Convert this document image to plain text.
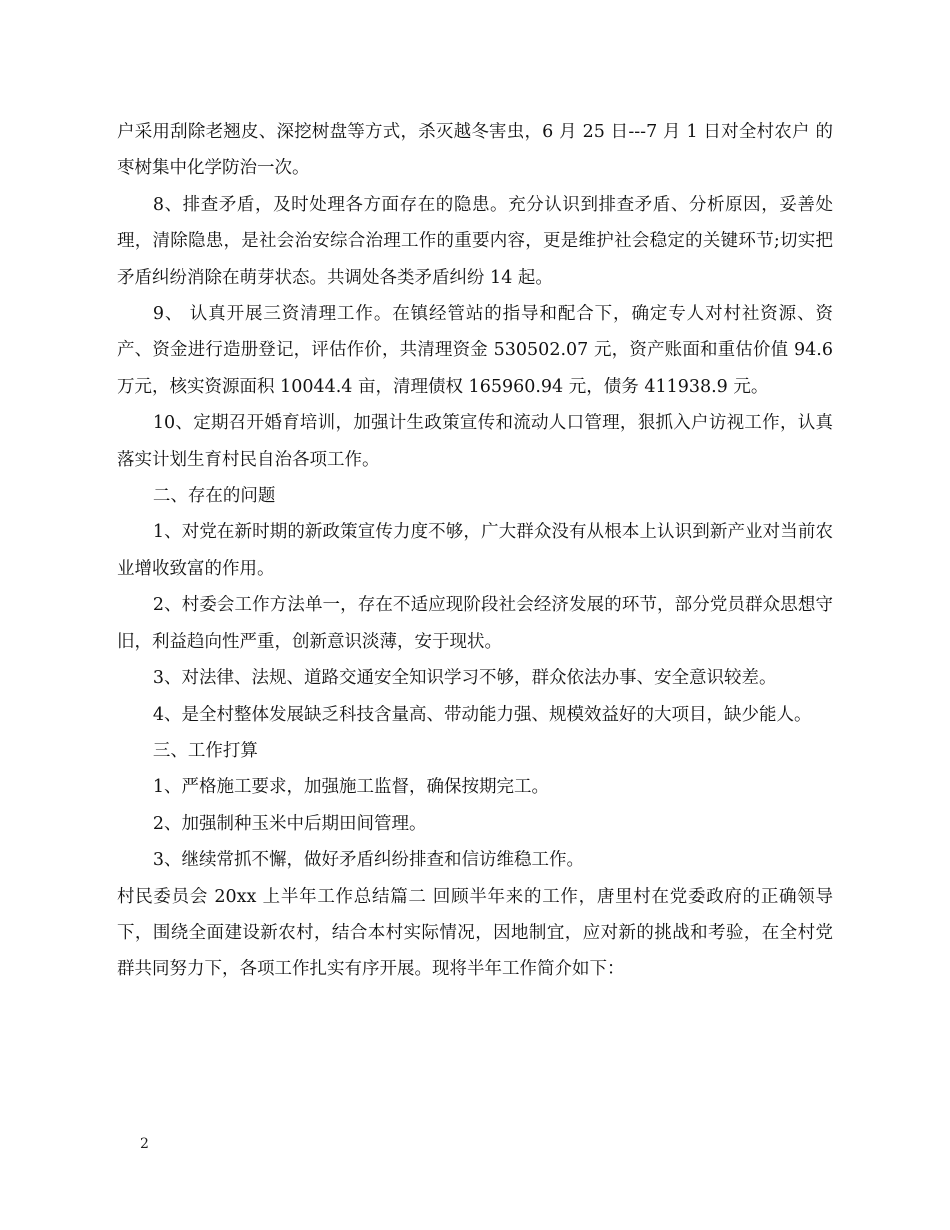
户采用刮除老翘皮、深挖树盘等方式，杀灭越冬害虫，6 月 25 日---7 月 1 日对全村农户 的枣树集中化学防治一次。

8、排查矛盾，及时处理各方面存在的隐患。充分认识到排查矛盾、分析原因，妥善处理，清除隐患，是社会治安综合治理工作的重要内容，更是维护社会稳定的关键环节;切实把矛盾纠纷消除在萌芽状态。共调处各类矛盾纠纷 14 起。

9、 认真开展三资清理工作。在镇经管站的指导和配合下，确定专人对村社资源、资产、资金进行造册登记，评估作价，共清理资金 530502.07 元，资产账面和重估价值 94.6 万元，核实资源面积 10044.4 亩，清理债权 165960.94 元，债务 411938.9 元。

10、定期召开婚育培训，加强计生政策宣传和流动人口管理，狠抓入户访视工作，认真落实计划生育村民自治各项工作。

二、存在的问题

1、对党在新时期的新政策宣传力度不够，广大群众没有从根本上认识到新产业对当前农业增收致富的作用。

2、村委会工作方法单一，存在不适应现阶段社会经济发展的环节，部分党员群众思想守旧，利益趋向性严重，创新意识淡薄，安于现状。

3、对法律、法规、道路交通安全知识学习不够，群众依法办事、安全意识较差。

4、是全村整体发展缺乏科技含量高、带动能力强、规模效益好的大项目，缺少能人。

三、工作打算

1、严格施工要求，加强施工监督，确保按期完工。

2、加强制种玉米中后期田间管理。

3、继续常抓不懈，做好矛盾纠纷排查和信访维稳工作。

村民委员会 20xx 上半年工作总结篇二 回顾半年来的工作，唐里村在党委政府的正确领导下，围绕全面建设新农村，结合本村实际情况，因地制宜，应对新的挑战和考验，在全村党群共同努力下，各项工作扎实有序开展。现将半年工作简介如下：

2
